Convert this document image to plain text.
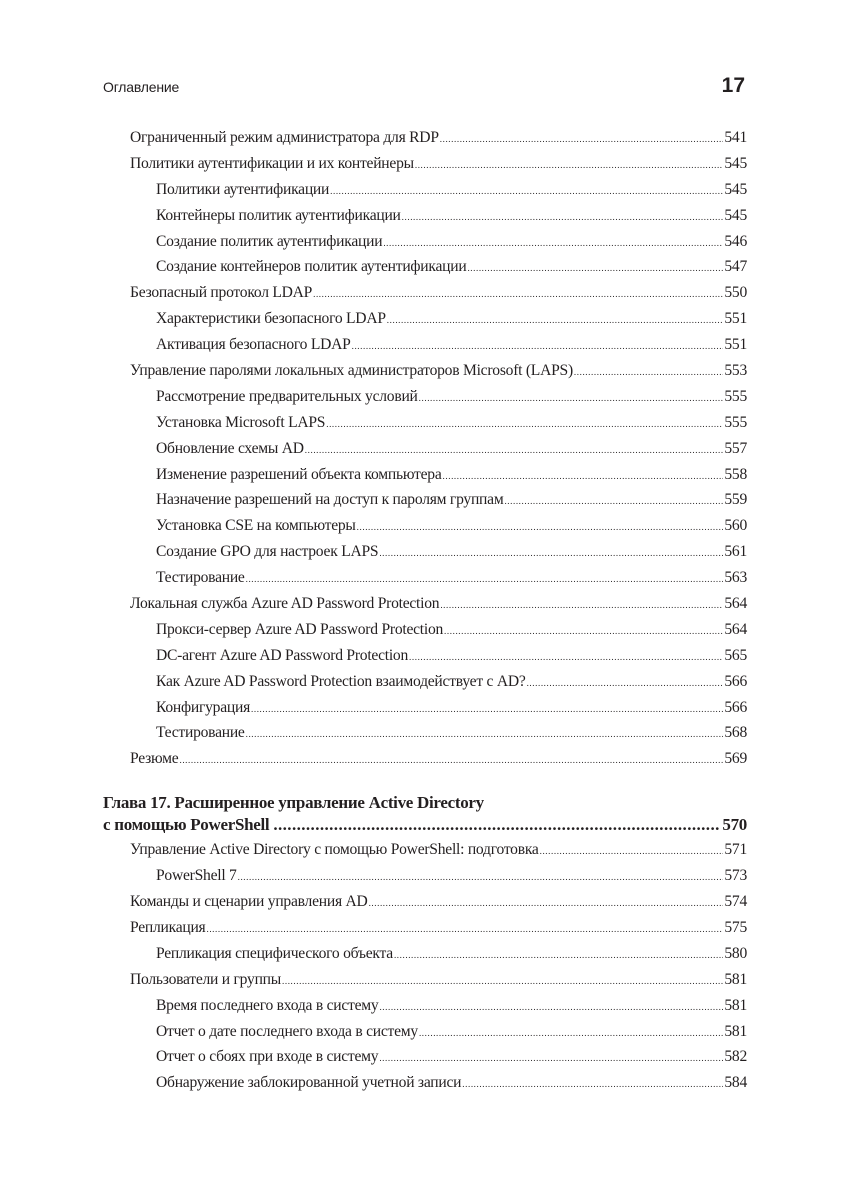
Оглавление	17
Ограниченный режим администратора для RDP .....	541
Политики аутентификации и их контейнеры .....	545
Политики аутентификации .....	545
Контейнеры политик аутентификации .....	545
Создание политик аутентификации .....	546
Создание контейнеров политик аутентификации .....	547
Безопасный протокол LDAP .....	550
Характеристики безопасного LDAP .....	551
Активация безопасного LDAP .....	551
Управление паролями локальных администраторов Microsoft (LAPS) .....	553
Рассмотрение предварительных условий .....	555
Установка Microsoft LAPS .....	555
Обновление схемы AD .....	557
Изменение разрешений объекта компьютера .....	558
Назначение разрешений на доступ к паролям группам .....	559
Установка CSE на компьютеры .....	560
Создание GPO для настроек LAPS .....	561
Тестирование .....	563
Локальная служба Azure AD Password Protection .....	564
Прокси-сервер Azure AD Password Protection .....	564
DC-агент Azure AD Password Protection .....	565
Как Azure AD Password Protection взаимодействует с AD? .....	566
Конфигурация .....	566
Тестирование .....	568
Резюме .....	569
Глава 17. Расширенное управление Active Directory
с помощью PowerShell .....	570
Управление Active Directory с помощью PowerShell: подготовка .....	571
PowerShell 7 .....	573
Команды и сценарии управления AD .....	574
Репликация .....	575
Репликация специфического объекта .....	580
Пользователи и группы .....	581
Время последнего входа в систему .....	581
Отчет о дате последнего входа в систему .....	581
Отчет о сбоях при входе в систему .....	582
Обнаружение заблокированной учетной записи .....	584
